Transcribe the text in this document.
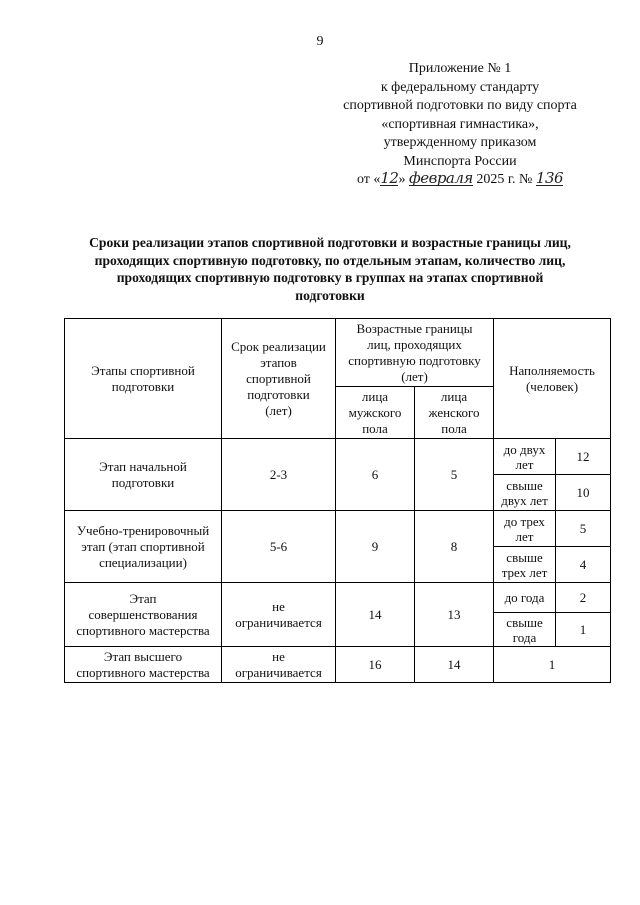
9
Приложение № 1
к федеральному стандарту
спортивной подготовки по виду спорта
«спортивная гимнастика»,
утвержденному приказом
Минспорта России
от «12» февраля 2025 г. № 136
Сроки реализации этапов спортивной подготовки и возрастные границы лиц,
проходящих спортивную подготовку, по отдельным этапам, количество лиц,
проходящих спортивную подготовку в группах на этапах спортивной
подготовки
Этапы спортивной
подготовки	Срок реализации
этапов
спортивной
подготовки
(лет)	Возрастные границы
лиц, проходящих
спортивную подготовку
(лет)		Наполняемость
(человек)	

		лица
мужского
пола	лица
женского
пола		

Этап начальной
подготовки	2-3	6	5	до двух
лет	12

				свыше
двух лет	10

Учебно-тренировочный
этап (этап спортивной
специализации)	5-6	9	8	до трех
лет	5

				свыше
трех лет	4

Этап
совершенствования
спортивного мастерства	не
ограничивается	14	13	до года	2

				свыше
года	1

Этап высшего
спортивного мастерства	не
ограничивается	16	14	1	
